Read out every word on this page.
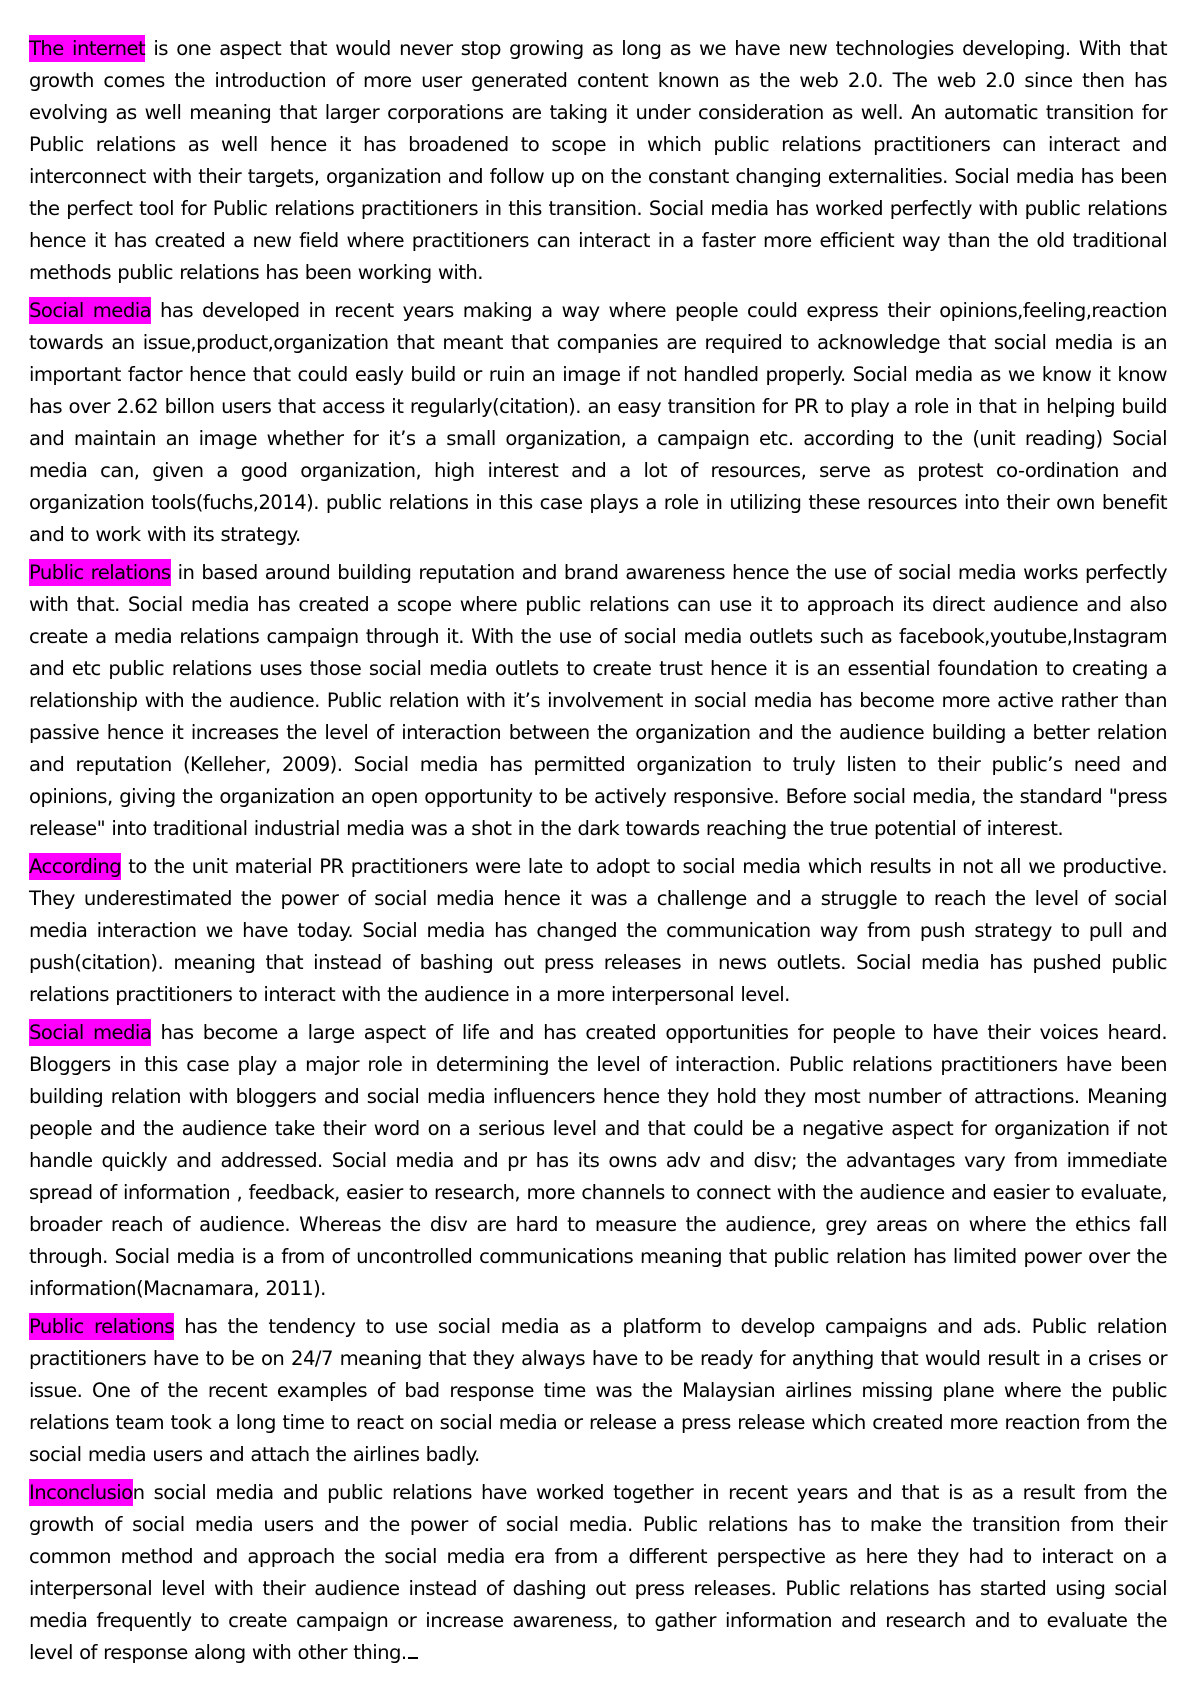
The internet is one aspect that would never stop growing as long as we have new technologies developing. With that growth comes the introduction of more user generated content known as the web 2.0. The web 2.0 since then has evolving as well meaning that larger corporations are taking it under consideration as well. An automatic transition for Public relations as well hence it has broadened to scope in which public relations practitioners can interact and interconnect with their targets, organization and follow up on the constant changing externalities. Social media has been the perfect tool for Public relations practitioners in this transition. Social media has worked perfectly with public relations hence it has created a new field where practitioners can interact in a faster more efficient way than the old traditional methods public relations has been working with.

Social media has developed in recent years making a way where people could express their opinions,feeling,reaction towards an issue,product,organization that meant that companies are required to acknowledge that social media is an important factor hence that could easly build or ruin an image if not handled properly. Social media as we know it know has over 2.62 billon users that access it regularly(citation). an easy transition for PR to play a role in that in helping build and maintain an image whether for it’s a small organization, a campaign etc. according to the (unit reading) Social media can, given a good organization, high interest and a lot of resources, serve as protest co-ordination and organization tools(fuchs,2014). public relations in this case plays a role in utilizing these resources into their own benefit and to work with its strategy.

Public relations in based around building reputation and brand awareness hence the use of social media works perfectly with that. Social media has created a scope where public relations can use it to approach its direct audience and also create a media relations campaign through it. With the use of social media outlets such as facebook,youtube,Instagram and etc public relations uses those social media outlets to create trust hence it is an essential foundation to creating a relationship with the audience. Public relation with it’s involvement in social media has become more active rather than passive hence it increases the level of interaction between the organization and the audience building a better relation and reputation (Kelleher, 2009). Social media has permitted organization to truly listen to their public’s need and opinions, giving the organization an open opportunity to be actively responsive. Before social media, the standard "press release" into traditional industrial media was a shot in the dark towards reaching the true potential of interest.

According to the unit material PR practitioners were late to adopt to social media which results in not all we productive. They underestimated the power of social media hence it was a challenge and a struggle to reach the level of social media interaction we have today. Social media has changed the communication way from push strategy to pull and push(citation). meaning that instead of bashing out press releases in news outlets. Social media has pushed public relations practitioners to interact with the audience in a more interpersonal level.

Social media has become a large aspect of life and has created opportunities for people to have their voices heard. Bloggers in this case play a major role in determining the level of interaction. Public relations practitioners have been building relation with bloggers and social media influencers hence they hold they most number of attractions. Meaning people and the audience take their word on a serious level and that could be a negative aspect for organization if not handle quickly and addressed. Social media and pr has its owns adv and disv; the advantages vary from immediate spread of information , feedback, easier to research, more channels to connect with the audience and easier to evaluate, broader reach of audience. Whereas the disv are hard to measure the audience, grey areas on where the ethics fall through. Social media is a from of uncontrolled communications meaning that public relation has limited power over the information(Macnamara, 2011).

Public relations has the tendency to use social media as a platform to develop campaigns and ads. Public relation practitioners have to be on 24/7 meaning that they always have to be ready for anything that would result in a crises or issue. One of the recent examples of bad response time was the Malaysian airlines missing plane where the public relations team took a long time to react on social media or release a press release which created more reaction from the social media users and attach the airlines badly.

Inconclusion social media and public relations have worked together in recent years and that is as a result from the growth of social media users and the power of social media. Public relations has to make the transition from their common method and approach the social media era from a different perspective as here they had to interact on a interpersonal level with their audience instead of dashing out press releases. Public relations has started using social media frequently to create campaign or increase awareness, to gather information and research and to evaluate the level of response along with other thing.
